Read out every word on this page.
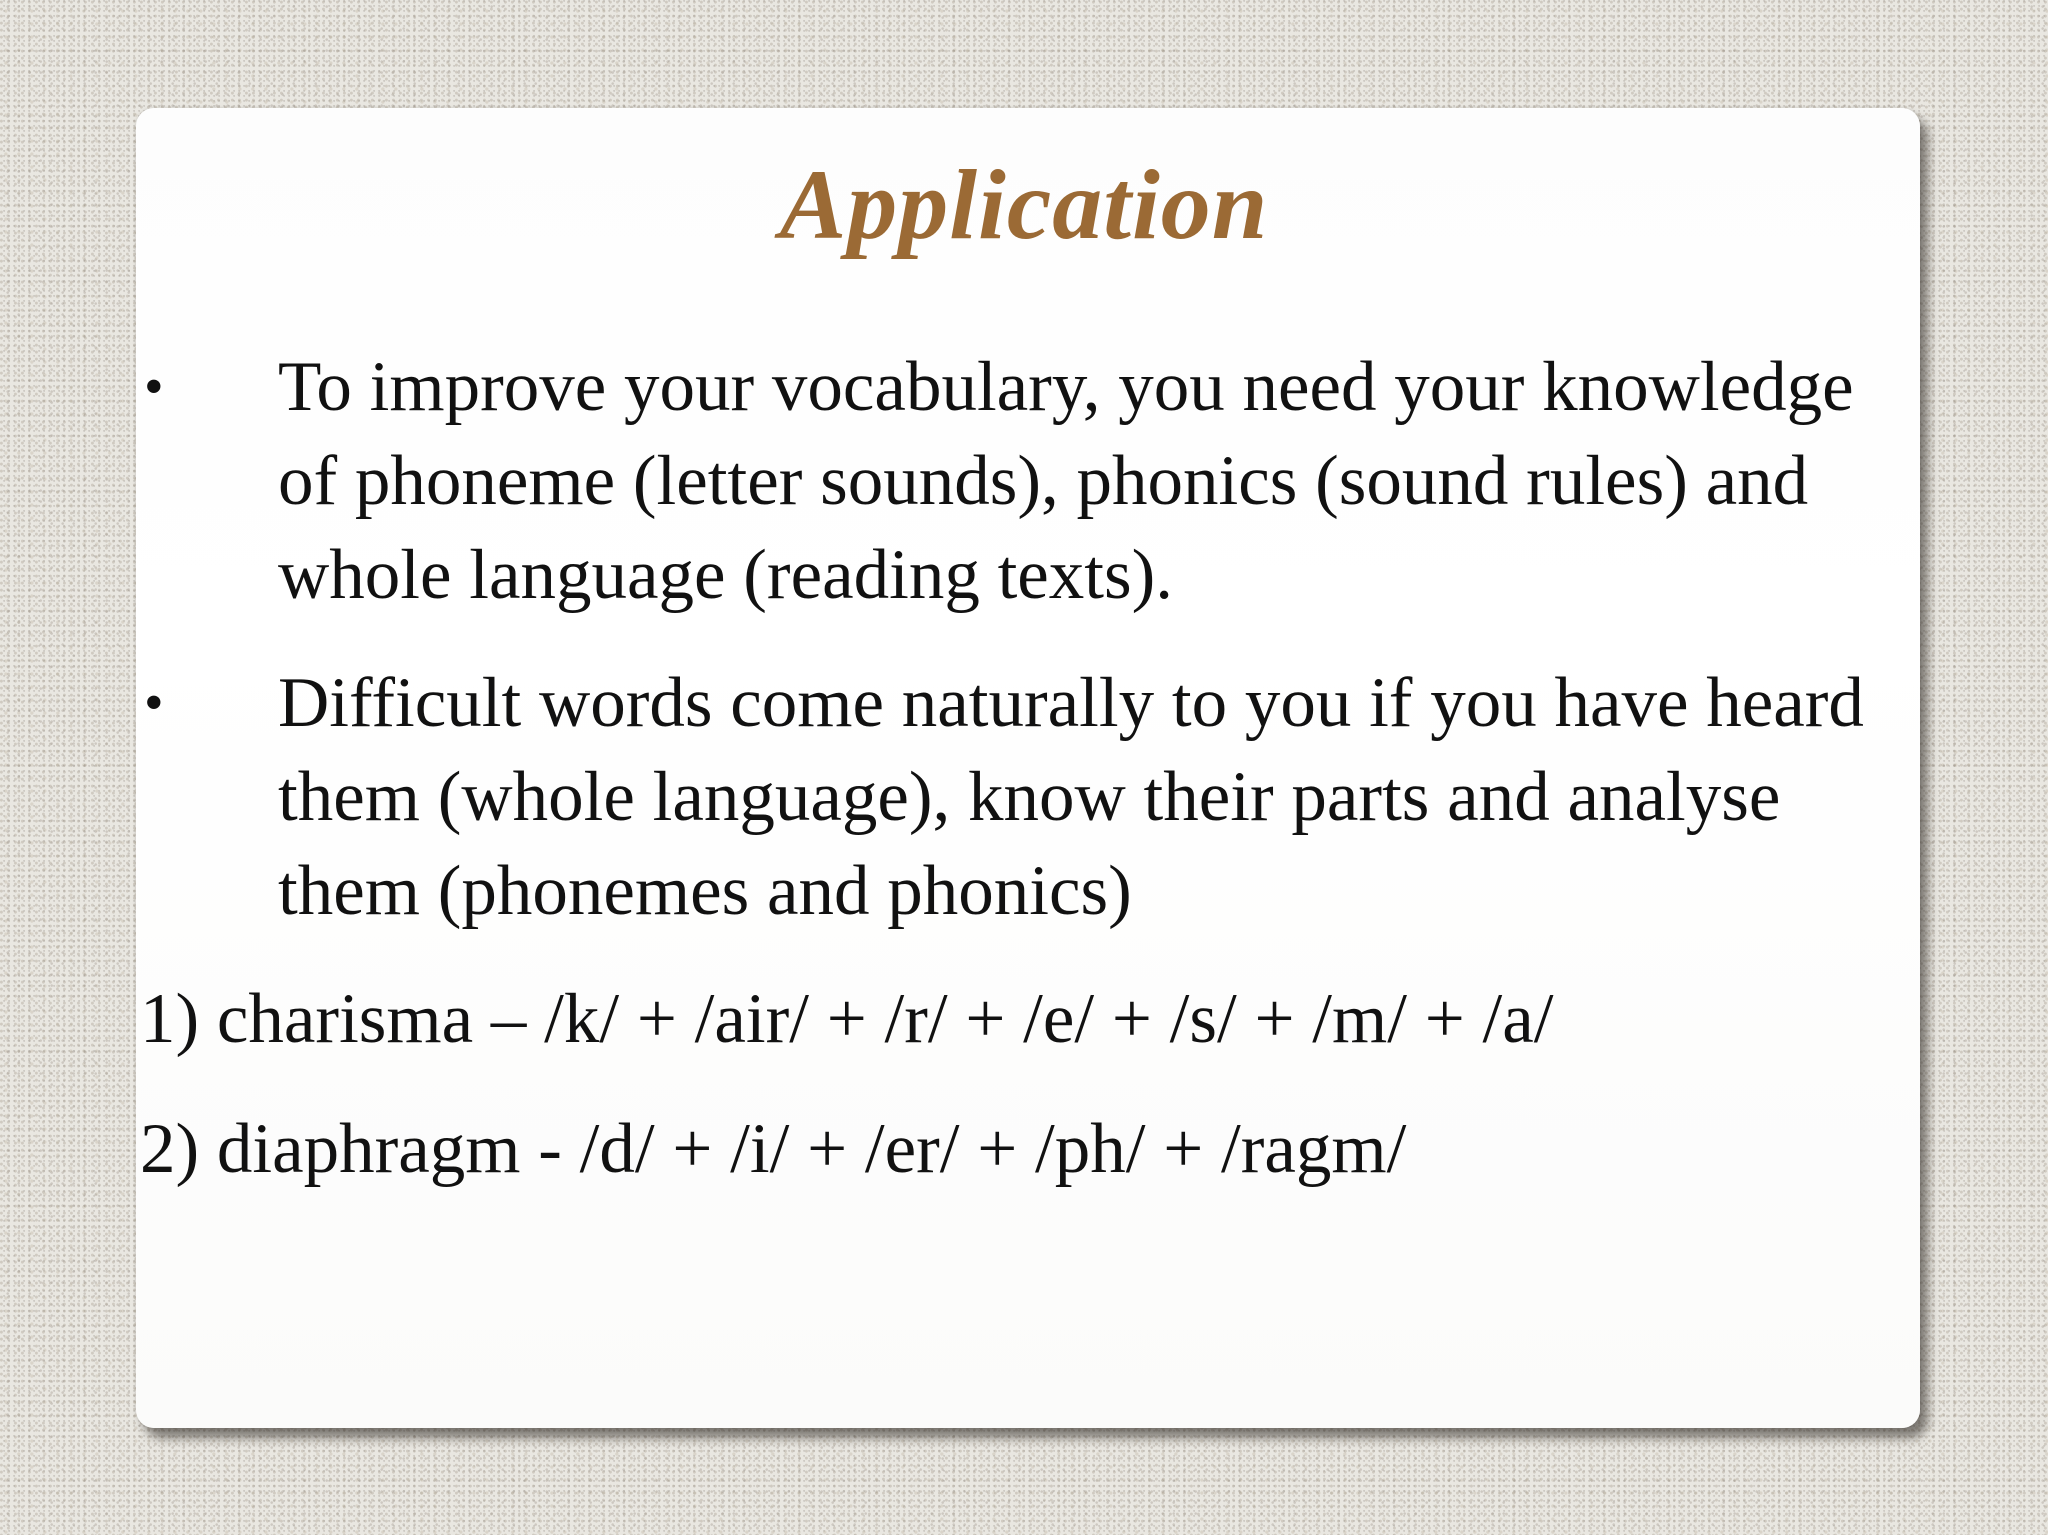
Application
• To improve your vocabulary, you need your knowledge of phoneme (letter sounds), phonics (sound rules) and whole language (reading texts).
• Difficult words come naturally to you if you have heard them (whole language), know their parts and analyse them (phonemes and phonics)
1) charisma – /k/ + /air/ + /r/ + /e/ + /s/ + /m/ + /a/
2) diaphragm - /d/ + /i/ + /er/ + /ph/ + /ragm/
